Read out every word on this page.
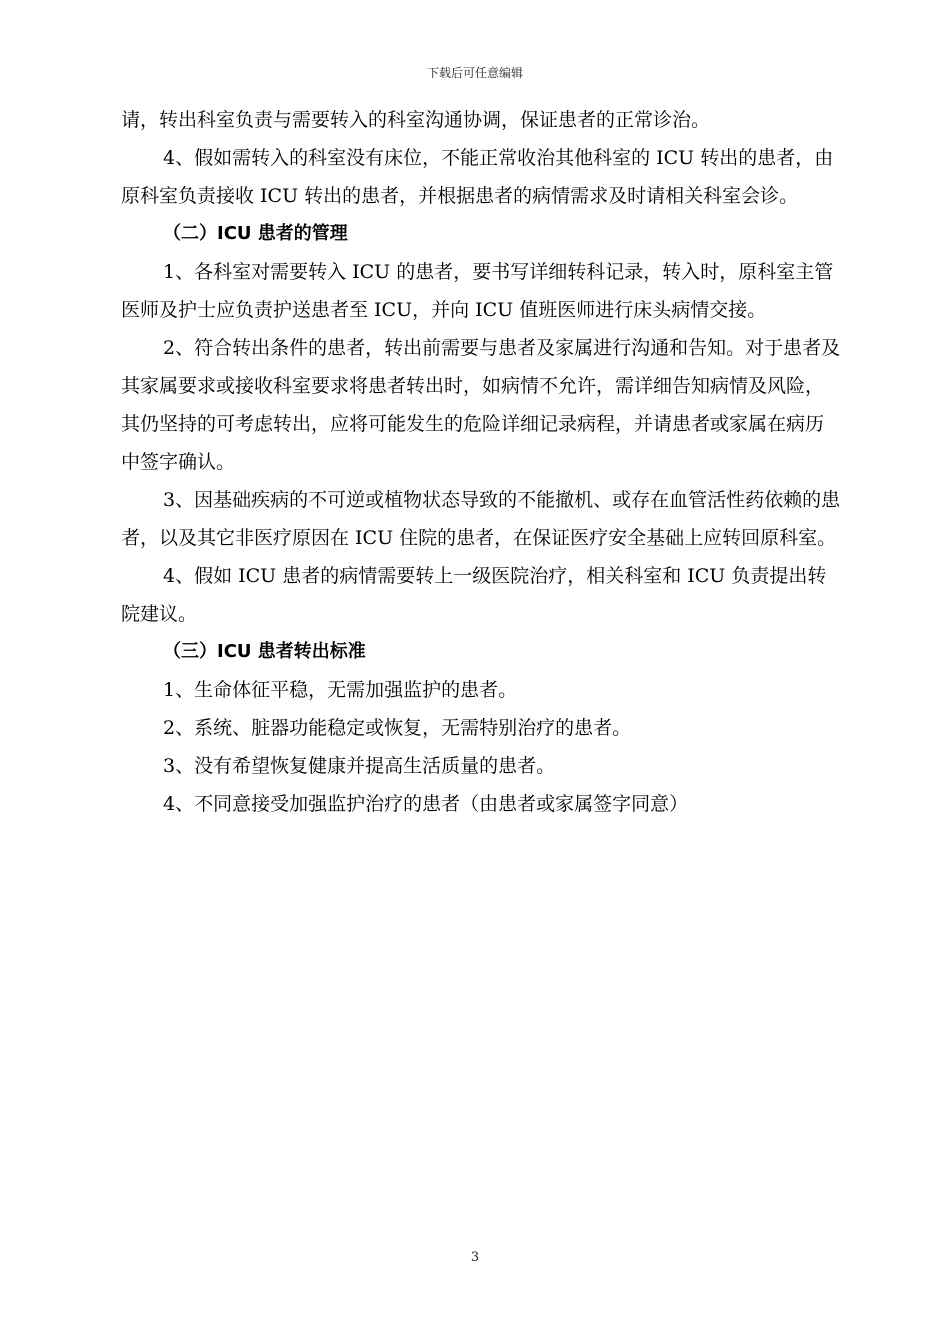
下载后可任意编辑

请，转出科室负责与需要转入的科室沟通协调，保证患者的正常诊治。

4、假如需转入的科室没有床位，不能正常收治其他科室的 ICU 转出的患者，由原科室负责接收 ICU 转出的患者，并根据患者的病情需求及时请相关科室会诊。

（二）ICU 患者的管理

1、各科室对需要转入 ICU 的患者，要书写详细转科记录，转入时，原科室主管医师及护士应负责护送患者至 ICU，并向 ICU 值班医师进行床头病情交接。

2、符合转出条件的患者，转出前需要与患者及家属进行沟通和告知。对于患者及其家属要求或接收科室要求将患者转出时，如病情不允许，需详细告知病情及风险，其仍坚持的可考虑转出，应将可能发生的危险详细记录病程，并请患者或家属在病历中签字确认。

3、因基础疾病的不可逆或植物状态导致的不能撤机、或存在血管活性药依赖的患者，以及其它非医疗原因在 ICU 住院的患者，在保证医疗安全基础上应转回原科室。

4、假如 ICU 患者的病情需要转上一级医院治疗，相关科室和 ICU 负责提出转院建议。

（三）ICU 患者转出标准

1、生命体征平稳，无需加强监护的患者。

2、系统、脏器功能稳定或恢复，无需特别治疗的患者。

3、没有希望恢复健康并提高生活质量的患者。

4、不同意接受加强监护治疗的患者（由患者或家属签字同意）

3
